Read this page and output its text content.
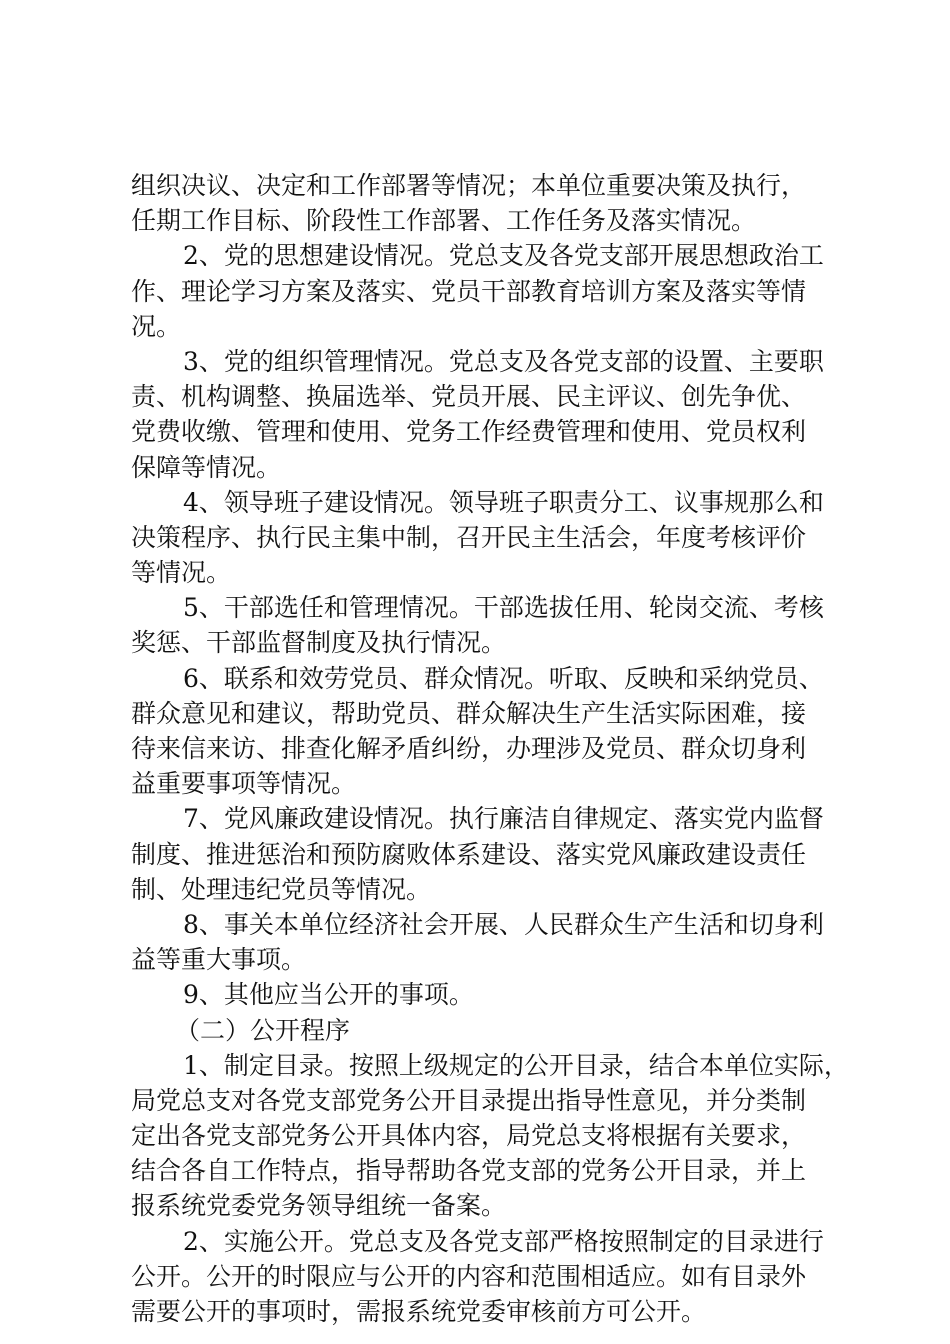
组织决议、决定和工作部署等情况；本单位重要决策及执行，
任期工作目标、阶段性工作部署、工作任务及落实情况。
2、党的思想建设情况。党总支及各党支部开展思想政治工
作、理论学习方案及落实、党员干部教育培训方案及落实等情
况。
3、党的组织管理情况。党总支及各党支部的设置、主要职
责、机构调整、换届选举、党员开展、民主评议、创先争优、
党费收缴、管理和使用、党务工作经费管理和使用、党员权利
保障等情况。
4、领导班子建设情况。领导班子职责分工、议事规那么和
决策程序、执行民主集中制，召开民主生活会，年度考核评价
等情况。
5、干部选任和管理情况。干部选拔任用、轮岗交流、考核
奖惩、干部监督制度及执行情况。
6、联系和效劳党员、群众情况。听取、反映和采纳党员、
群众意见和建议，帮助党员、群众解决生产生活实际困难，接
待来信来访、排查化解矛盾纠纷，办理涉及党员、群众切身利
益重要事项等情况。
7、党风廉政建设情况。执行廉洁自律规定、落实党内监督
制度、推进惩治和预防腐败体系建设、落实党风廉政建设责任
制、处理违纪党员等情况。
8、事关本单位经济社会开展、人民群众生产生活和切身利
益等重大事项。
9、其他应当公开的事项。
（二）公开程序
1、制定目录。按照上级规定的公开目录，结合本单位实际，
局党总支对各党支部党务公开目录提出指导性意见，并分类制
定出各党支部党务公开具体内容，局党总支将根据有关要求，
结合各自工作特点，指导帮助各党支部的党务公开目录，并上
报系统党委党务领导组统一备案。
2、实施公开。党总支及各党支部严格按照制定的目录进行
公开。公开的时限应与公开的内容和范围相适应。如有目录外
需要公开的事项时，需报系统党委审核前方可公开。
